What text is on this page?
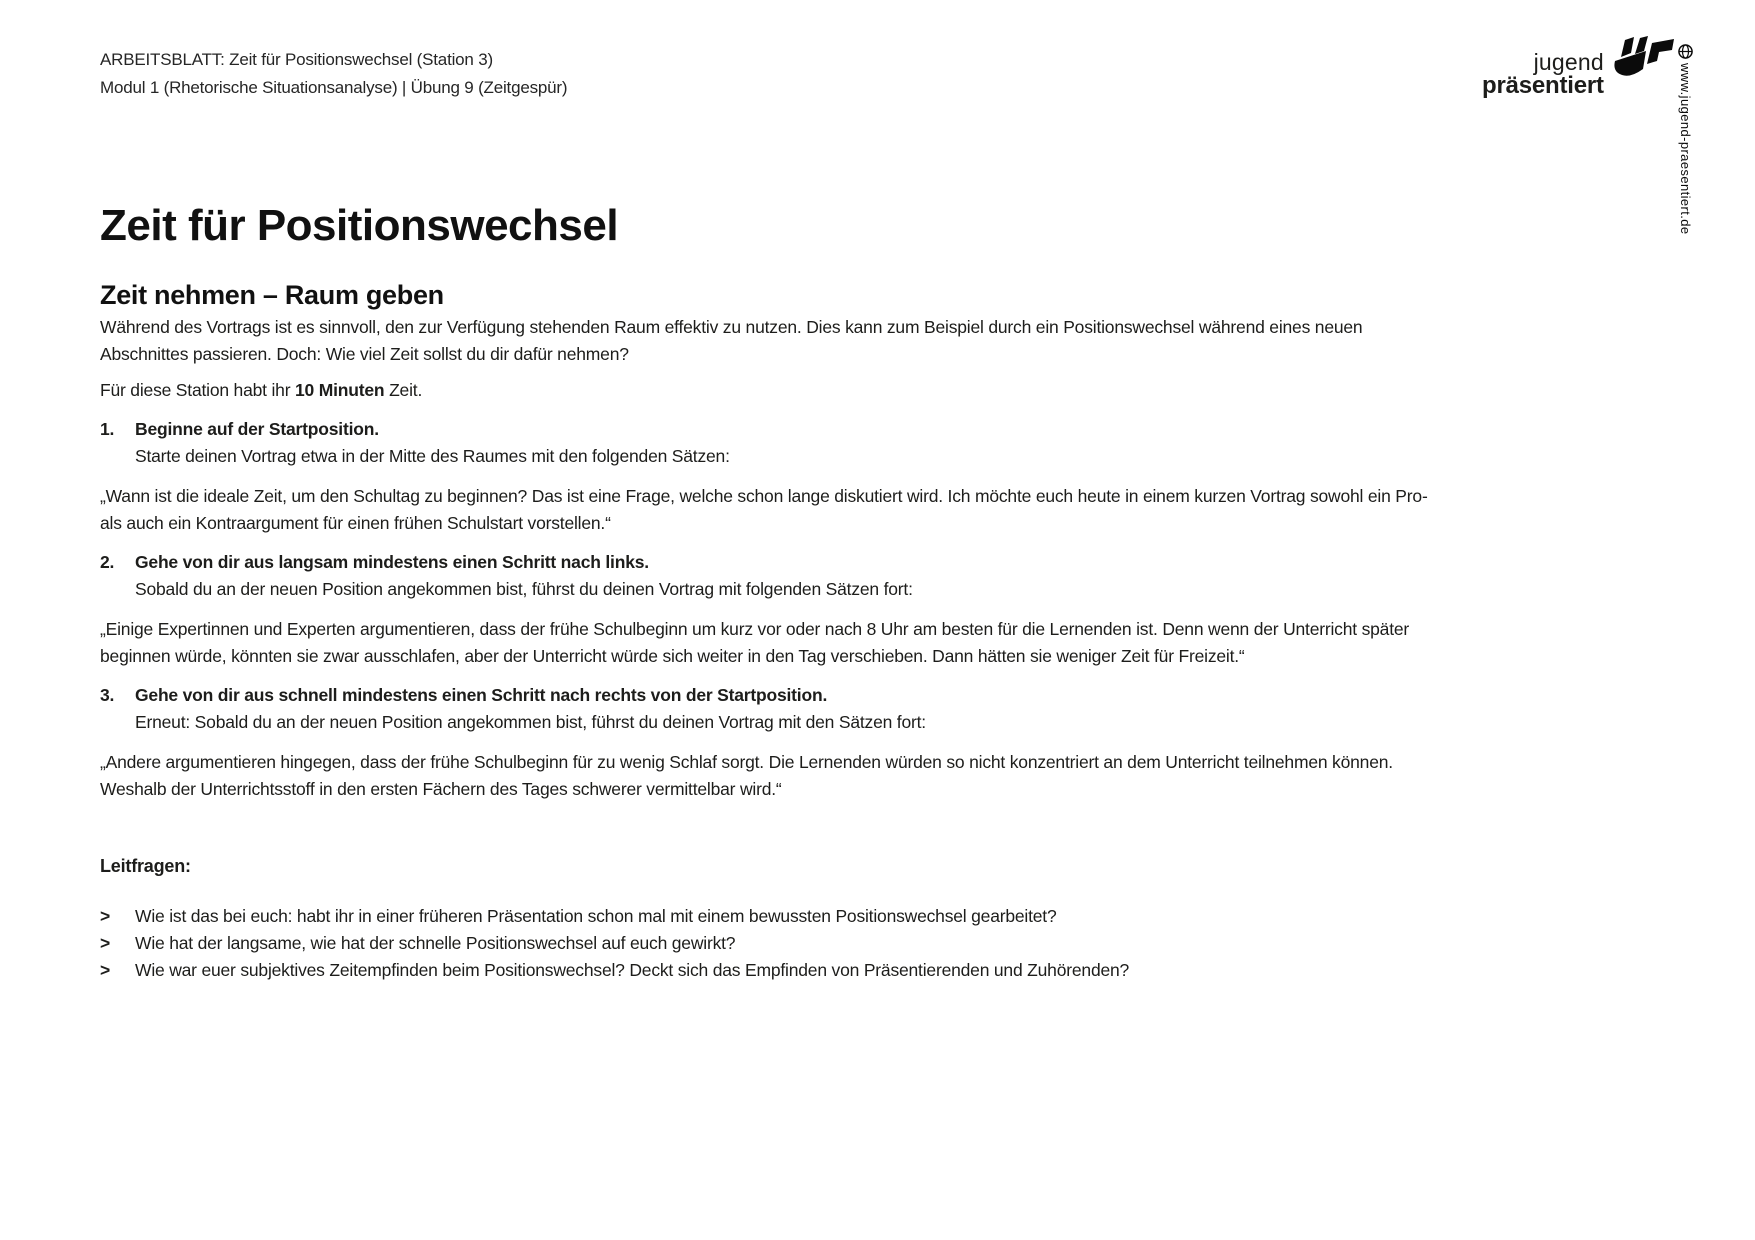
ARBEITSBLATT: Zeit für Positionswechsel (Station 3)
Modul 1 (Rhetorische Situationsanalyse) | Übung 9 (Zeitgespür)
jugend
präsentiert	www.jugend-praesentiert.de
Zeit für Positionswechsel
Zeit nehmen – Raum geben

Während des Vortrags ist es sinnvoll, den zur Verfügung stehenden Raum effektiv zu nutzen. Dies kann zum Beispiel durch ein Positionswechsel während eines neuen Abschnittes passieren. Doch: Wie viel Zeit sollst du dir dafür nehmen?

Für diese Station habt ihr 10 Minuten Zeit.

1.	Beginne auf der Startposition.
Starte deinen Vortrag etwa in der Mitte des Raumes mit den folgenden Sätzen:

„Wann ist die ideale Zeit, um den Schultag zu beginnen? Das ist eine Frage, welche schon lange diskutiert wird. Ich möchte euch heute in einem kurzen Vortrag sowohl ein Pro- als auch ein Kontraargument für einen frühen Schulstart vorstellen.“

2.	Gehe von dir aus langsam mindestens einen Schritt nach links.
Sobald du an der neuen Position angekommen bist, führst du deinen Vortrag mit folgenden Sätzen fort:

„Einige Expertinnen und Experten argumentieren, dass der frühe Schulbeginn um kurz vor oder nach 8 Uhr am besten für die Lernenden ist. Denn wenn der Unterricht später beginnen würde, könnten sie zwar ausschlafen, aber der Unterricht würde sich weiter in den Tag verschieben. Dann hätten sie weniger Zeit für Freizeit.“

3.	Gehe von dir aus schnell mindestens einen Schritt nach rechts von der Startposition.
Erneut: Sobald du an der neuen Position angekommen bist, führst du deinen Vortrag mit den Sätzen fort:

„Andere argumentieren hingegen, dass der frühe Schulbeginn für zu wenig Schlaf sorgt. Die Lernenden würden so nicht konzentriert an dem Unterricht teilnehmen können. Weshalb der Unterrichtsstoff in den ersten Fächern des Tages schwerer vermittelbar wird.“

Leitfragen:
>	Wie ist das bei euch: habt ihr in einer früheren Präsentation schon mal mit einem bewussten Positionswechsel gearbeitet?
>	Wie hat der langsame, wie hat der schnelle Positionswechsel auf euch gewirkt?
>	Wie war euer subjektives Zeitempfinden beim Positionswechsel? Deckt sich das Empfinden von Präsentierenden und Zuhörenden?
